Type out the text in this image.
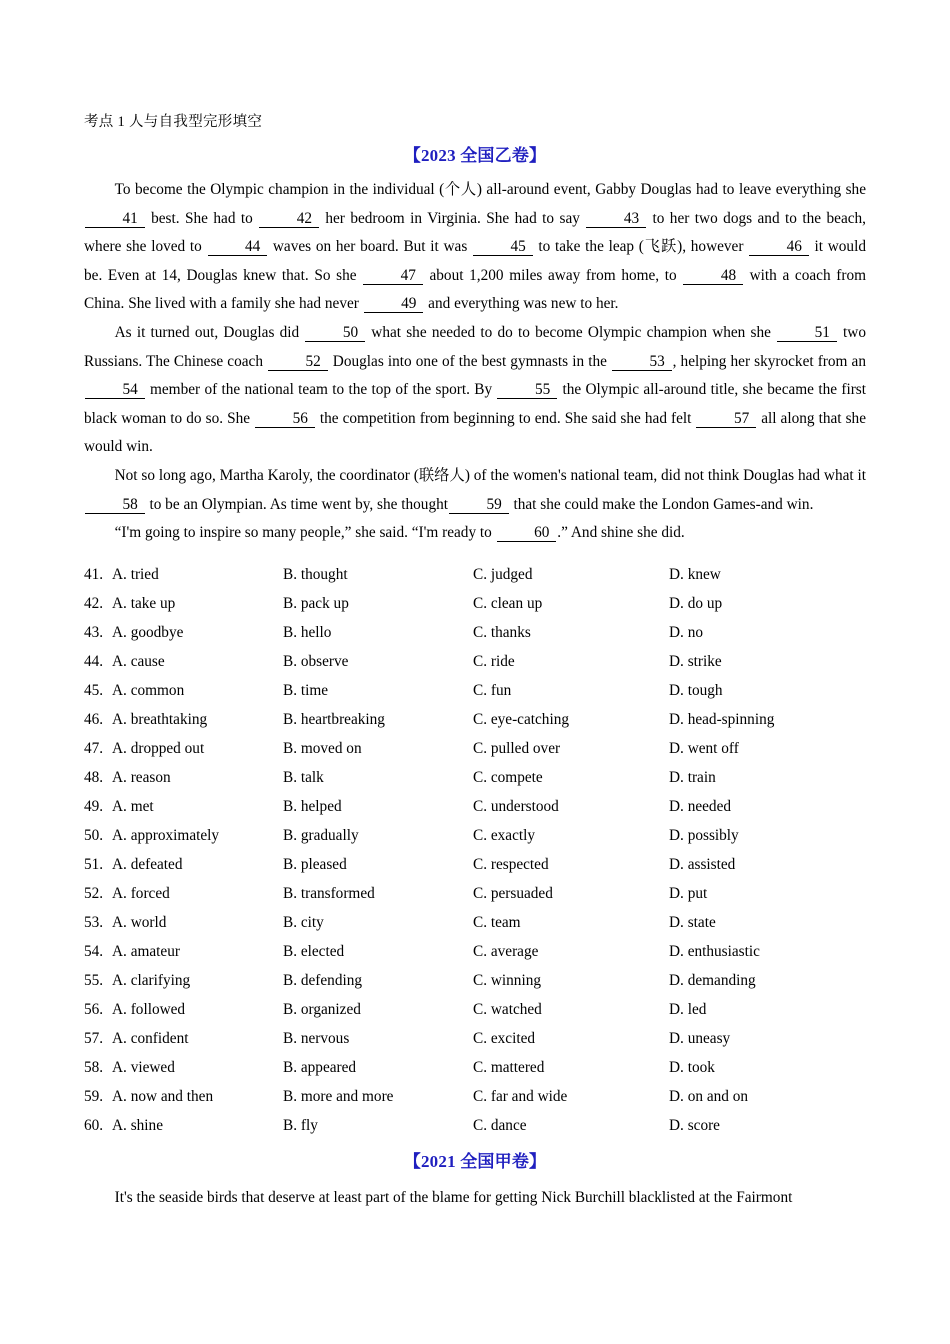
考点 1 人与自我型完形填空
【2023 全国乙卷】
To become the Olympic champion in the individual (个人) all-around event, Gabby Douglas had to leave everything she 41 best. She had to	42 her bedroom in Virginia. She had to say	43 to her two dogs and to the beach, where she loved to	44 waves on her board. But it was	45 to take the leap (飞跃), however	46 it would be. Even at 14, Douglas knew that. So she	47 about 1,200 miles away from home, to	48 with a coach from China. She lived with a family she had never	49 and everything was new to her.
As it turned out, Douglas did	50 what she needed to do to become Olympic champion when she	51 two Russians. The Chinese coach	52 Douglas into one of the best gymnasts in the	53 , helping her skyrocket from an 54 member of the national team to the top of the sport. By	55 the Olympic all-around title, she became the first black woman to do so. She	56 the competition from beginning to end. She said she had felt	57 all along that she would win.
Not so long ago, Martha Karoly, the coordinator (联络人) of the women's national team, did not think Douglas had what it 58 to be an Olympian. As time went by, she thought	59 that she could make the London Games-and win.
“I'm going to inspire so many people,” she said. “I'm ready to	60 .” And shine she did.
41. A. tried	B. thought	C. judged	D. knew
42. A. take up	B. pack up	C. clean up	D. do up
43. A. goodbye	B. hello	C. thanks	D. no
44. A. cause	B. observe	C. ride	D. strike
45. A. common	B. time	C. fun	D. tough
46. A. breathtaking	B. heartbreaking	C. eye-catching	D. head-spinning
47. A. dropped out	B. moved on	C. pulled over	D. went off
48. A. reason	B. talk	C. compete	D. train
49. A. met	B. helped	C. understood	D. needed
50. A. approximately	B. gradually	C. exactly	D. possibly
51. A. defeated	B. pleased	C. respected	D. assisted
52. A. forced	B. transformed	C. persuaded	D. put
53. A. world	B. city	C. team	D. state
54. A. amateur	B. elected	C. average	D. enthusiastic
55. A. clarifying	B. defending	C. winning	D. demanding
56. A. followed	B. organized	C. watched	D. led
57. A. confident	B. nervous	C. excited	D. uneasy
58. A. viewed	B. appeared	C. mattered	D. took
59. A. now and then	B. more and more	C. far and wide	D. on and on
60. A. shine	B. fly	C. dance	D. score
【2021 全国甲卷】
It's the seaside birds that deserve at least part of the blame for getting Nick Burchill blacklisted at the Fairmont
